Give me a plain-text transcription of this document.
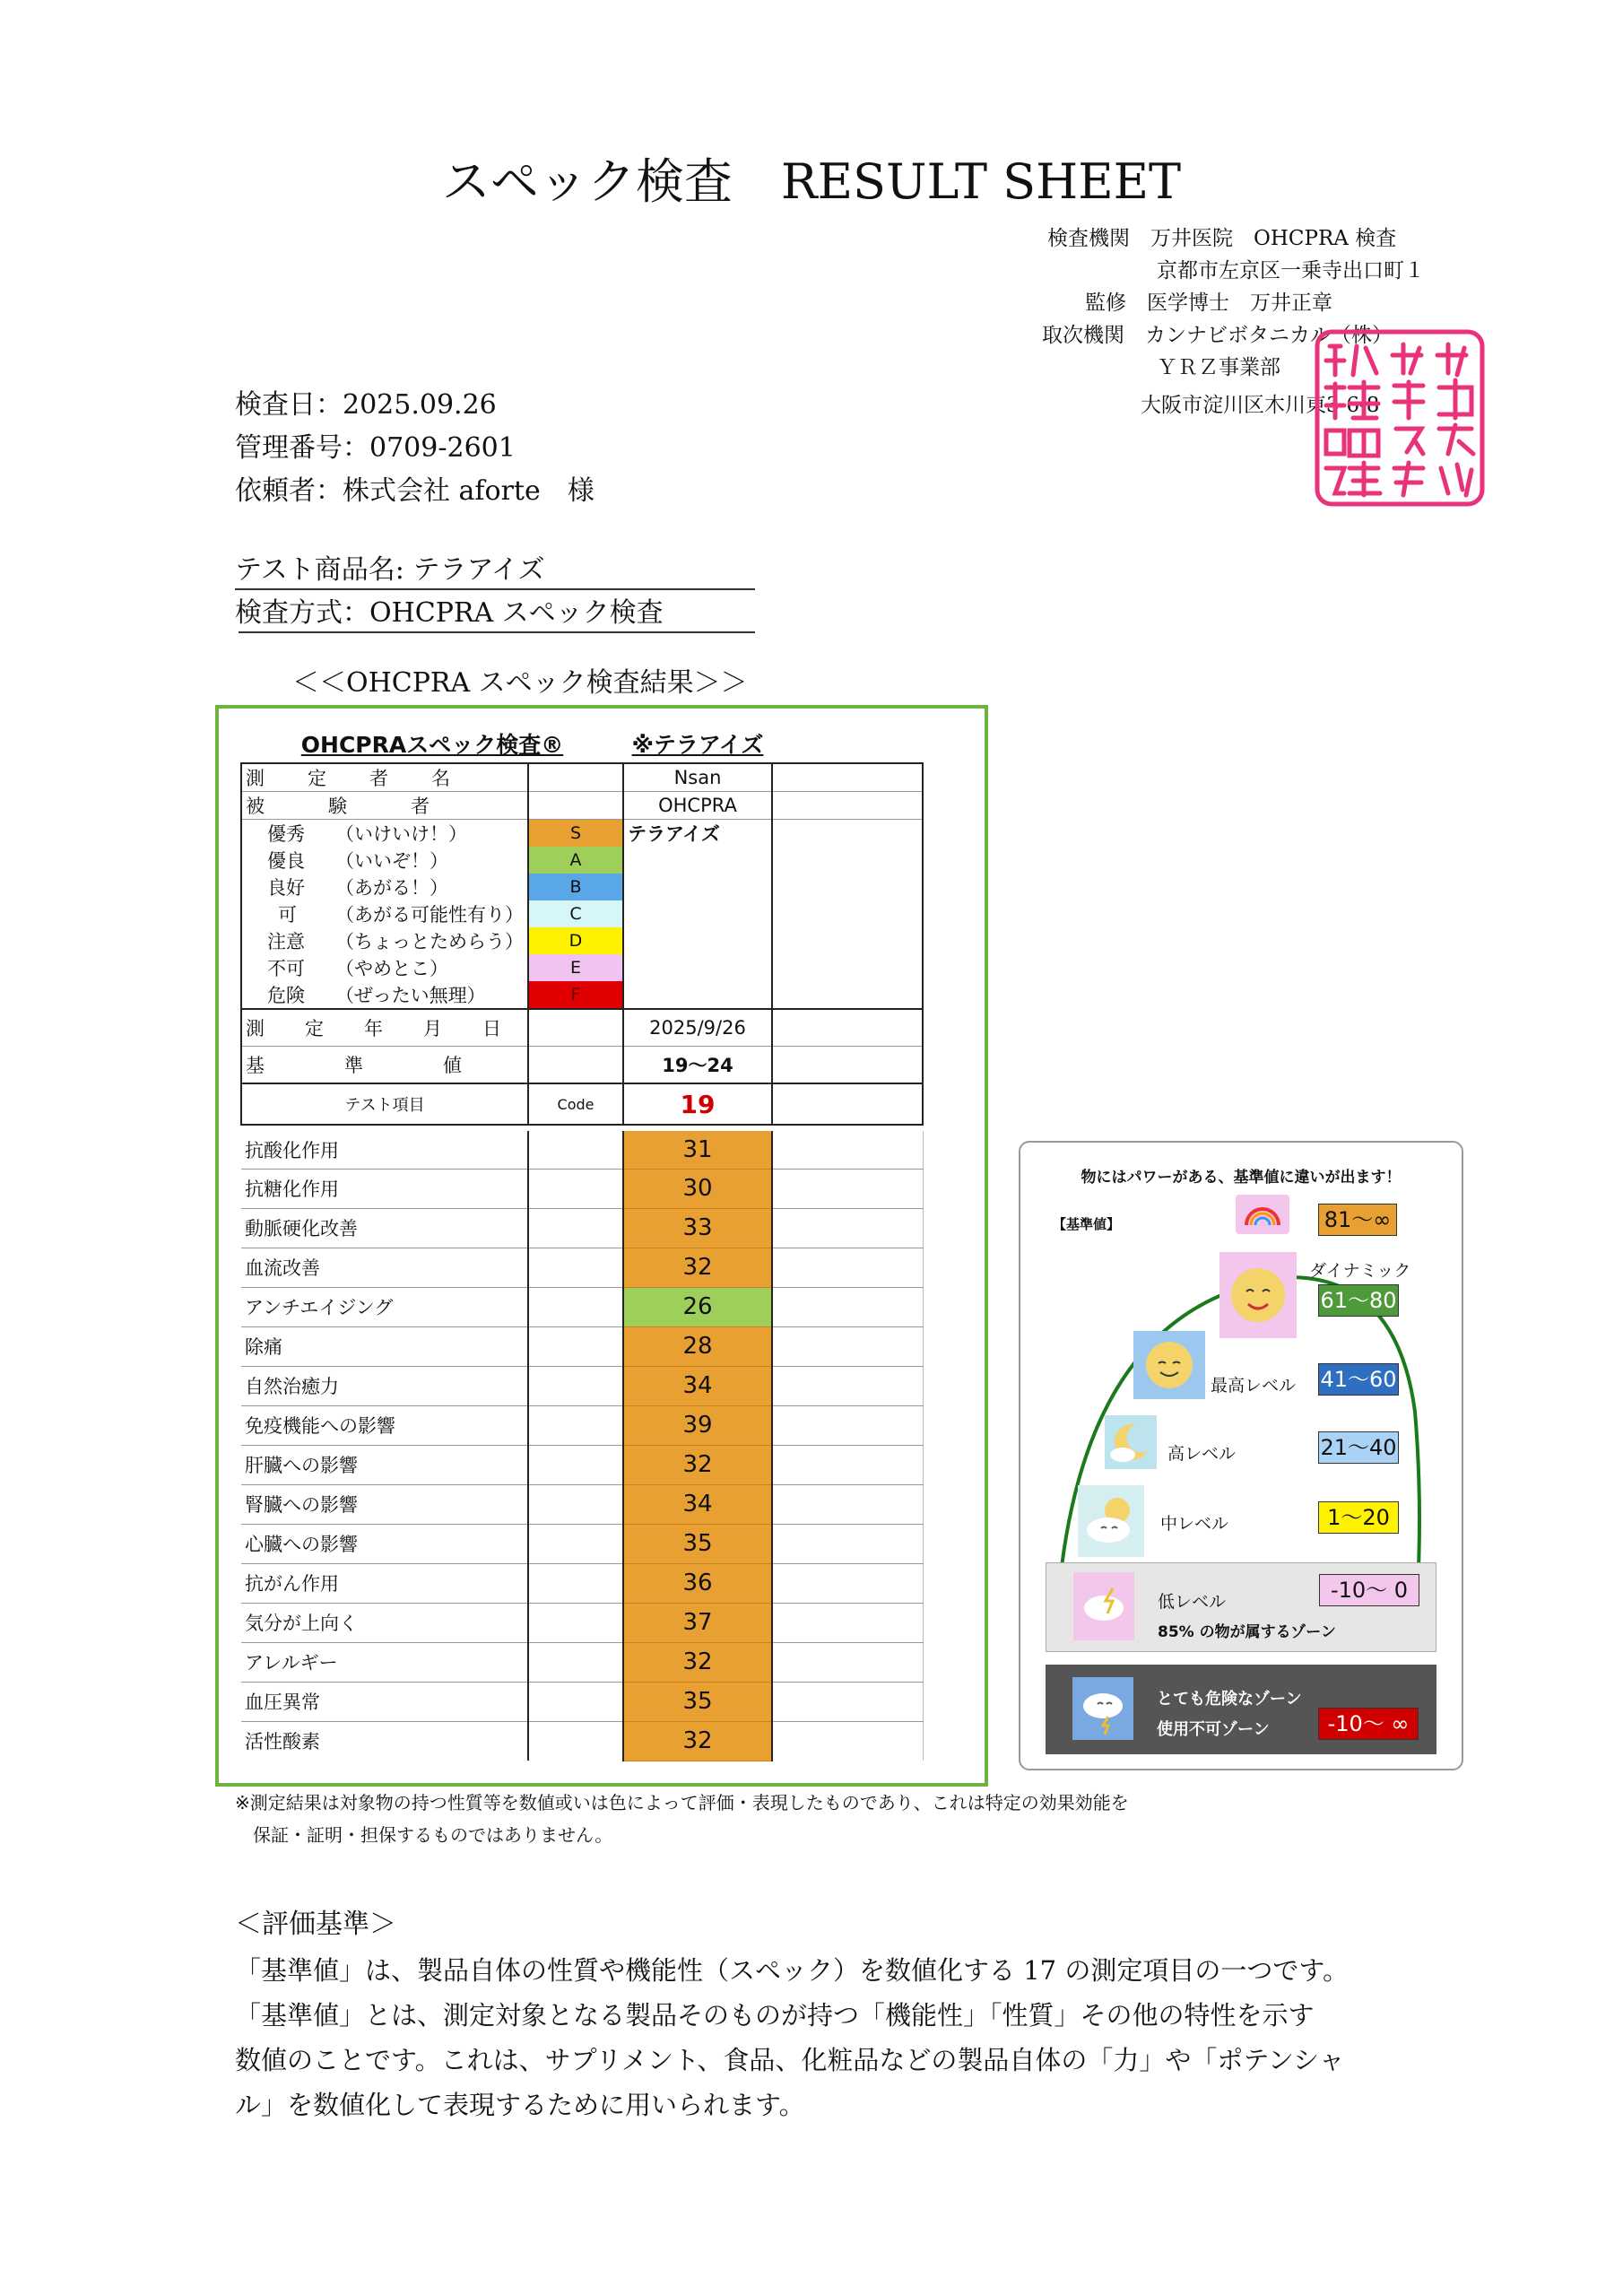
スペック検査　RESULT SHEET
検査機関　 万井医院　OHCPRA 検査
京都市左京区一乗寺出口町１
監修　 医学博士　万井正章
取次機関　 カンナビボタニカル（株）
ＹＲＺ事業部
大阪市淀川区木川東3-6-8
検査日：2025.09.26
管理番号：0709-2601
依頼者：株式会社 aforte　様
テスト商品名: テラアイズ
検査方式：OHCPRA スペック検査
＜＜OHCPRA スペック検査結果＞＞
OHCPRAスペック検査®		※テラアイズ	
測　　定　　者　　名		Nsan	
被　　　験　　　者		OHCPRA	
優秀 （いけいけ！）	S	テラアイズ	
優良 （いいぞ！）	A		
良好 （あがる！）	B		
可 （あがる可能性有り）	C		
注意 （ちょっとためらう）	D		
不可 （やめとこ）	E		
危険 （ぜったい無理）	F		
測　　定　　年　　月　　日		2025/9/26	
基　　　　準　　　　値		19〜24	
テスト項目	Code	19	

抗酸化作用		31	
抗糖化作用		30	
動脈硬化改善		33	
血流改善		32	
アンチエイジング		26	
除痛		28	
自然治癒力		34	
免疫機能への影響		39	
肝臓への影響		32	
腎臓への影響		34	
心臓への影響		35	
抗がん作用		36	
気分が上向く		37	
アレルギー		32	
血圧異常		35	
活性酸素		32	
物にはパワーがある、基準値に違いが出ます！
【基準値】	81〜∞
ダイナミック
61〜80
最高レベル 41〜60
高レベル	21〜40
中レベル	1〜20
低レベル
85% の物が属するゾーン
-10〜 0
とても危険なゾーン
使用不可ゾーン	-10〜 ∞
※測定結果は対象物の持つ性質等を数値或いは色によって評価・表現したものであり、これは特定の効果効能を
保証・証明・担保するものではありません。
＜評価基準＞
「基準値」は、製品自体の性質や機能性（スペック）を数値化する 17 の測定項目の一つです。
「基準値」とは、測定対象となる製品そのものが持つ「機能性」「性質」その他の特性を示す
数値のことです。これは、サプリメント、食品、化粧品などの製品自体の「力」や「ポテンシャ
ル」を数値化して表現するために用いられます。
